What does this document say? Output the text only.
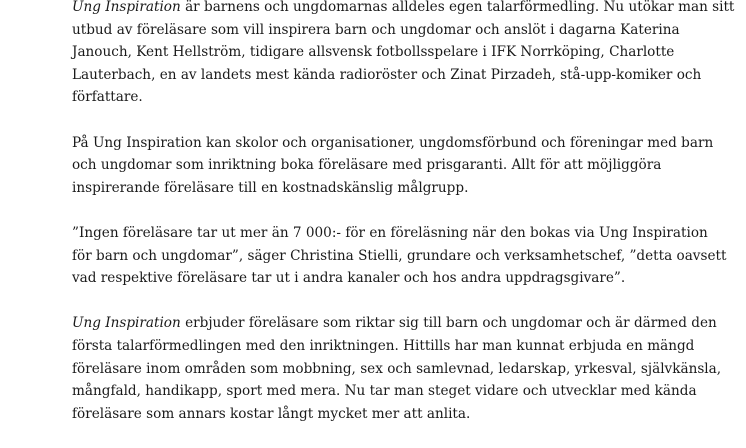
Ung Inspiration är barnens och ungdomarnas alldeles egen talarförmedling. Nu utökar man sitt
utbud av föreläsare som vill inspirera barn och ungdomar och anslöt i dagarna Katerina
Janouch, Kent Hellström, tidigare allsvensk fotbollsspelare i IFK Norrköping, Charlotte
Lauterbach, en av landets mest kända radioröster och Zinat Pirzadeh, stå-upp-komiker och
författare.
På Ung Inspiration kan skolor och organisationer, ungdomsförbund och föreningar med barn
och ungdomar som inriktning boka föreläsare med prisgaranti. Allt för att möjliggöra
inspirerande föreläsare till en kostnadskänslig målgrupp.
”Ingen föreläsare tar ut mer än 7 000:- för en föreläsning när den bokas via Ung Inspiration
för barn och ungdomar”, säger Christina Stielli, grundare och verksamhetschef, ”detta oavsett
vad respektive föreläsare tar ut i andra kanaler och hos andra uppdragsgivare”.
Ung Inspiration erbjuder föreläsare som riktar sig till barn och ungdomar och är därmed den
första talarförmedlingen med den inriktningen. Hittills har man kunnat erbjuda en mängd
föreläsare inom områden som mobbning, sex och samlevnad, ledarskap, yrkesval, självkänsla,
mångfald, handikapp, sport med mera. Nu tar man steget vidare och utvecklar med kända
föreläsare som annars kostar långt mycket mer att anlita.
